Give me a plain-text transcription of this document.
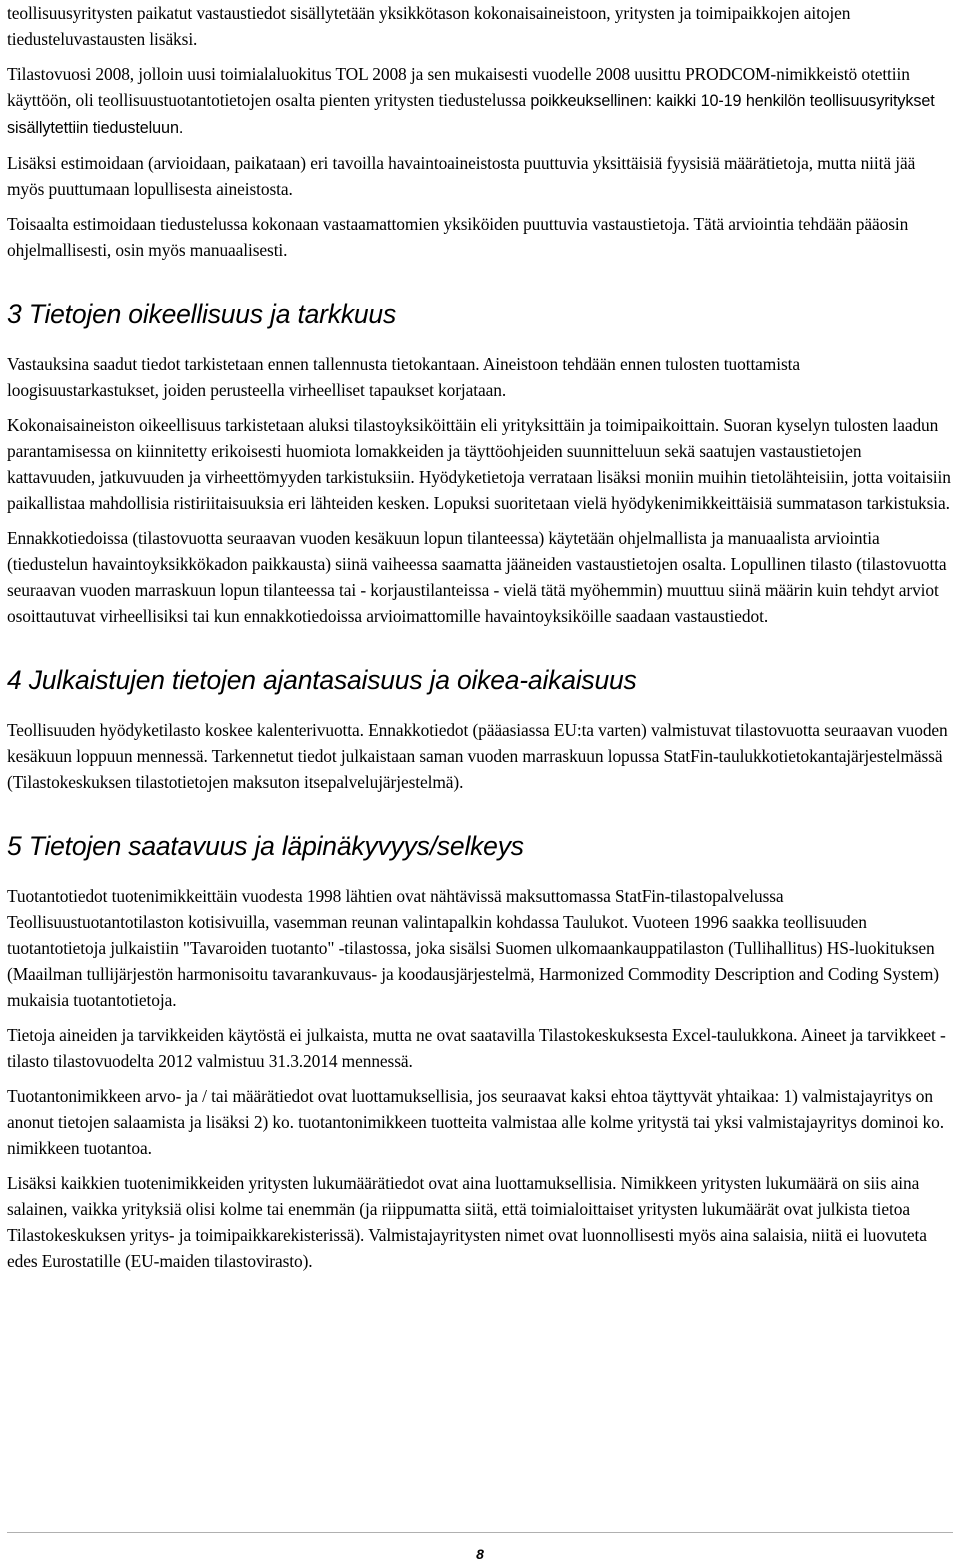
teollisuusyritysten paikatut vastaustiedot sisällytetään yksikkötason kokonaisaineistoon, yritysten ja toimipaikkojen aitojen tiedusteluvastausten lisäksi.

Tilastovuosi 2008, jolloin uusi toimialaluokitus TOL 2008 ja sen mukaisesti vuodelle 2008 uusittu PRODCOM-nimikkeistö otettiin käyttöön, oli teollisuustuotantotietojen osalta pienten yritysten tiedustelussa poikkeuksellinen: kaikki 10-19 henkilön teollisuusyritykset sisällytettiin tiedusteluun.

Lisäksi estimoidaan (arvioidaan, paikataan) eri tavoilla havaintoaineistosta puuttuvia yksittäisiä fyysisiä määrätietoja, mutta niitä jää myös puuttumaan lopullisesta aineistosta.

Toisaalta estimoidaan tiedustelussa kokonaan vastaamattomien yksiköiden puuttuvia vastaustietoja. Tätä arviointia tehdään pääosin ohjelmallisesti, osin myös manuaalisesti.

3 Tietojen oikeellisuus ja tarkkuus

Vastauksina saadut tiedot tarkistetaan ennen tallennusta tietokantaan. Aineistoon tehdään ennen tulosten tuottamista loogisuustarkastukset, joiden perusteella virheelliset tapaukset korjataan.

Kokonaisaineiston oikeellisuus tarkistetaan aluksi tilastoyksiköittäin eli yrityksittäin ja toimipaikoittain. Suoran kyselyn tulosten laadun parantamisessa on kiinnitetty erikoisesti huomiota lomakkeiden ja täyttöohjeiden suunnitteluun sekä saatujen vastaustietojen kattavuuden, jatkuvuuden ja virheettömyyden tarkistuksiin. Hyödyketietoja verrataan lisäksi moniin muihin tietolähteisiin, jotta voitaisiin paikallistaa mahdollisia ristiriitaisuuksia eri lähteiden kesken. Lopuksi suoritetaan vielä hyödykenimikkeittäisiä summatason tarkistuksia.

Ennakkotiedoissa (tilastovuotta seuraavan vuoden kesäkuun lopun tilanteessa) käytetään ohjelmallista ja manuaalista arviointia (tiedustelun havaintoyksikkökadon paikkausta) siinä vaiheessa saamatta jääneiden vastaustietojen osalta. Lopullinen tilasto (tilastovuotta seuraavan vuoden marraskuun lopun tilanteessa tai - korjaustilanteissa - vielä tätä myöhemmin) muuttuu siinä määrin kuin tehdyt arviot osoittautuvat virheellisiksi tai kun ennakkotiedoissa arvioimattomille havaintoyksiköille saadaan vastaustiedot.

4 Julkaistujen tietojen ajantasaisuus ja oikea-aikaisuus

Teollisuuden hyödyketilasto koskee kalenterivuotta. Ennakkotiedot (pääasiassa EU:ta varten) valmistuvat tilastovuotta seuraavan vuoden kesäkuun loppuun mennessä. Tarkennetut tiedot julkaistaan saman vuoden marraskuun lopussa StatFin-taulukkotietokantajärjestelmässä (Tilastokeskuksen tilastotietojen maksuton itsepalvelujärjestelmä).

5 Tietojen saatavuus ja läpinäkyvyys/selkeys

Tuotantotiedot tuotenimikkeittäin vuodesta 1998 lähtien ovat nähtävissä maksuttomassa StatFin-tilastopalvelussa Teollisuustuotantotilaston kotisivuilla, vasemman reunan valintapalkin kohdassa Taulukot. Vuoteen 1996 saakka teollisuuden tuotantotietoja julkaistiin "Tavaroiden tuotanto" -tilastossa, joka sisälsi Suomen ulkomaankauppatilaston (Tullihallitus) HS-luokituksen (Maailman tullijärjestön harmonisoitu tavarankuvaus- ja koodausjärjestelmä, Harmonized Commodity Description and Coding System) mukaisia tuotantotietoja.

Tietoja aineiden ja tarvikkeiden käytöstä ei julkaista, mutta ne ovat saatavilla Tilastokeskuksesta Excel-taulukkona. Aineet ja tarvikkeet -tilasto tilastovuodelta 2012 valmistuu 31.3.2014 mennessä.

Tuotantonimikkeen arvo- ja / tai määrätiedot ovat luottamuksellisia, jos seuraavat kaksi ehtoa täyttyvät yhtaikaa: 1) valmistajayritys on anonut tietojen salaamista ja lisäksi 2) ko. tuotantonimikkeen tuotteita valmistaa alle kolme yritystä tai yksi valmistajayritys dominoi ko. nimikkeen tuotantoa.

Lisäksi kaikkien tuotenimikkeiden yritysten lukumäärätiedot ovat aina luottamuksellisia. Nimikkeen yritysten lukumäärä on siis aina salainen, vaikka yrityksiä olisi kolme tai enemmän (ja riippumatta siitä, että toimialoittaiset yritysten lukumäärät ovat julkista tietoa Tilastokeskuksen yritys- ja toimipaikkarekisterissä). Valmistajayritysten nimet ovat luonnollisesti myös aina salaisia, niitä ei luovuteta edes Eurostatille (EU-maiden tilastovirasto).

8
